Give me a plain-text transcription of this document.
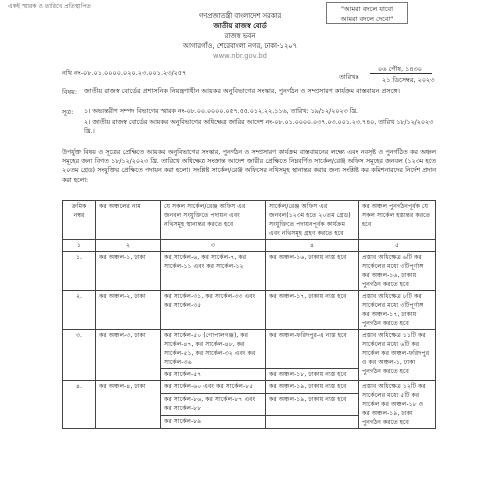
একই স্মারক ও তারিখে প্রতিস্থাপিত	"আমরা বদলে যাবো
আমরা বদলে দেবো"
গণপ্রজাতন্ত্রী বাংলাদেশ সরকার
জাতীয় রাজস্ব বোর্ড
রাজস্ব ভবন
আগারগাঁও, শেরেবাংলা নগর, ঢাকা-১২০৭
www.nbr.gov.bd
নথি নং-০৮.০১.০০০০.০২০.২৩.০০১.২৩/২৫৭	তারিখঃ
০৬ পৌষ, ১৪৩০
২১ ডিসেম্বর, ২০২৩
বিষয়: জাতীয় রাজস্ব বোর্ডের প্রশাসনিক নিয়ন্ত্রণাধীন আয়কর অনুবিভাগের সংস্কার, পুনর্গঠন ও সম্প্রসারণ কার্যক্রম বাস্তবায়ন প্রসঙ্গে।
সূত্র: ১। অভ্যন্তরীণ সম্পদ বিভাগের স্মারক নং-০৮.০০.০০০০.০৫৭.৫৫.০১২.২২.১১৬, তারিখ: ১৯/১২/২০২৩ খ্রি.
২। জাতীয় রাজস্ব বোর্ডের আয়কর অনুবিভাগের অধিক্ষেত্র জারির আদেশ নং-০৮.০১.০০০০.০৩৭.০৩.০০১.২৩.৭৪০, তারিখ ১৮/১২/২০২৩ খ্রি.।
উপর্যুক্ত বিষয় ও সূত্রের প্রেক্ষিতে আয়কর অনুবিভাগের সংস্কার, পুনর্গঠন ও সম্প্রসারণ কার্যক্রম বাস্তবায়নের লক্ষ্যে এবং নবসৃষ্ট ও পুনর্গঠিত কর অঞ্চল সমূহের জন্য বিগত ১৮/১২/২০২৩ খ্রি. তারিখে অধিক্ষেত্র সংক্রান্ত আদেশ জারীর প্রেক্ষিতে নিম্নবর্ণিত সার্কেল/রেঞ্জ অফিস সমূহের জনবল (১২৩ম হতে ২০তম গ্রেড) সংযুক্তির প্রেক্ষিতে পদায়ন করা হলো। সংশ্লিষ্ট সার্কেল/রেঞ্জ অফিসের নথিসমূহ স্থানান্তর করার জন্য সংশ্লিষ্ট কর কমিশনারদের নির্দেশ প্রদান করা হলো:
ক্রমিক নম্বর	কর অঞ্চলের নাম	যে সকল সার্কেল/রেঞ্জ অফিস এর জনবল সংযুক্তিতে পদায়ন এবং নথিসমূহ স্থানান্তর করতে হবে	সার্কেল/রেঞ্জ অফিস এর জনবল(১২৩ম হতে ২০তম গ্রেড) সংযুক্তিতে পদায়নপূর্বক কার্যক্রম এবং নথিসমূহ গ্রহণ করতে হবে	কর অঞ্চল পুনর্গঠনপূর্বক যে সকল সার্কেল হস্তান্তর করতে হবে
১	২	৩	৪	৫
১.	কর অঞ্চল-১, ঢাকা	কর সার্কেল-৬, কর সার্কেল-৭, কর সার্কেল-১১ এবং কর সার্কেল-১২	কর অঞ্চল-১৬, ঢাকায় ন্যস্ত হবে	প্রস্তাব অধিক্ষেত্র ৬টি কর সার্কেলের মধ্যে ৩টিপূর্ণাঙ্গ কর অঞ্চল-১৬, ঢাকায় পুনর্গঠন করতে হবে
২.	কর অঞ্চল-২, ঢাকা	কর সার্কেল-৩১, কর সার্কেল-৩৩ এবং কর সার্কেল-৩৫	কর অঞ্চল-১৭, ঢাকায় ন্যস্ত হবে	প্রস্তাব অধিক্ষেত্র ৮টি কর সার্কেলের মধ্যে ৩টিপূর্ণাঙ্গ কর অঞ্চল-১৭, ঢাকায় পুনর্গঠন করতে হবে
৩.	কর অঞ্চল-৩, ঢাকা	কর সার্কেল-৫০ (গোপালগঞ্জ), কর সার্কেল-৪৭, কর সার্কেল-৪৮, কর সার্কেল-৫১, কর সার্কেল-৩২ এবং কর সার্কেল-৩৬	কর অঞ্চল-ফরিদপুর-এ ন্যস্ত হবে	প্রস্তাব অধিক্ষেত্র ১১টি কর সার্কেলের মধ্যে ৬টি কর সার্কেল কর অঞ্চল-ফরিদপুর ও কর অঞ্চল-১, ঢাকা পুনর্গঠন করতে হবে
		কর সার্কেল-৫৭	কর অঞ্চল-১৮, ঢাকায় ন্যস্ত হবে	
৪.	কর অঞ্চল-৪, ঢাকা	কর সার্কেল-৬০ এবং কর সার্কেল-৮৫	কর অঞ্চল-১৯, ঢাকায় ন্যস্ত হবে	প্রস্তাব অধিক্ষেত্র ১২টি কর সার্কেলের মধ্যে ৫টি কর সার্কেল কর অঞ্চল-১৮ ও কর অঞ্চল-১৯, ঢাকা পুনর্গঠন করতে হবে
		কর সার্কেল-৮৬, কর সার্কেল-৮৭ এবং কর সার্কেল-৮৮	কর অঞ্চল-১৯, ঢাকায় ন্যস্ত হবে	
		কর সার্কেল-৮৯		
